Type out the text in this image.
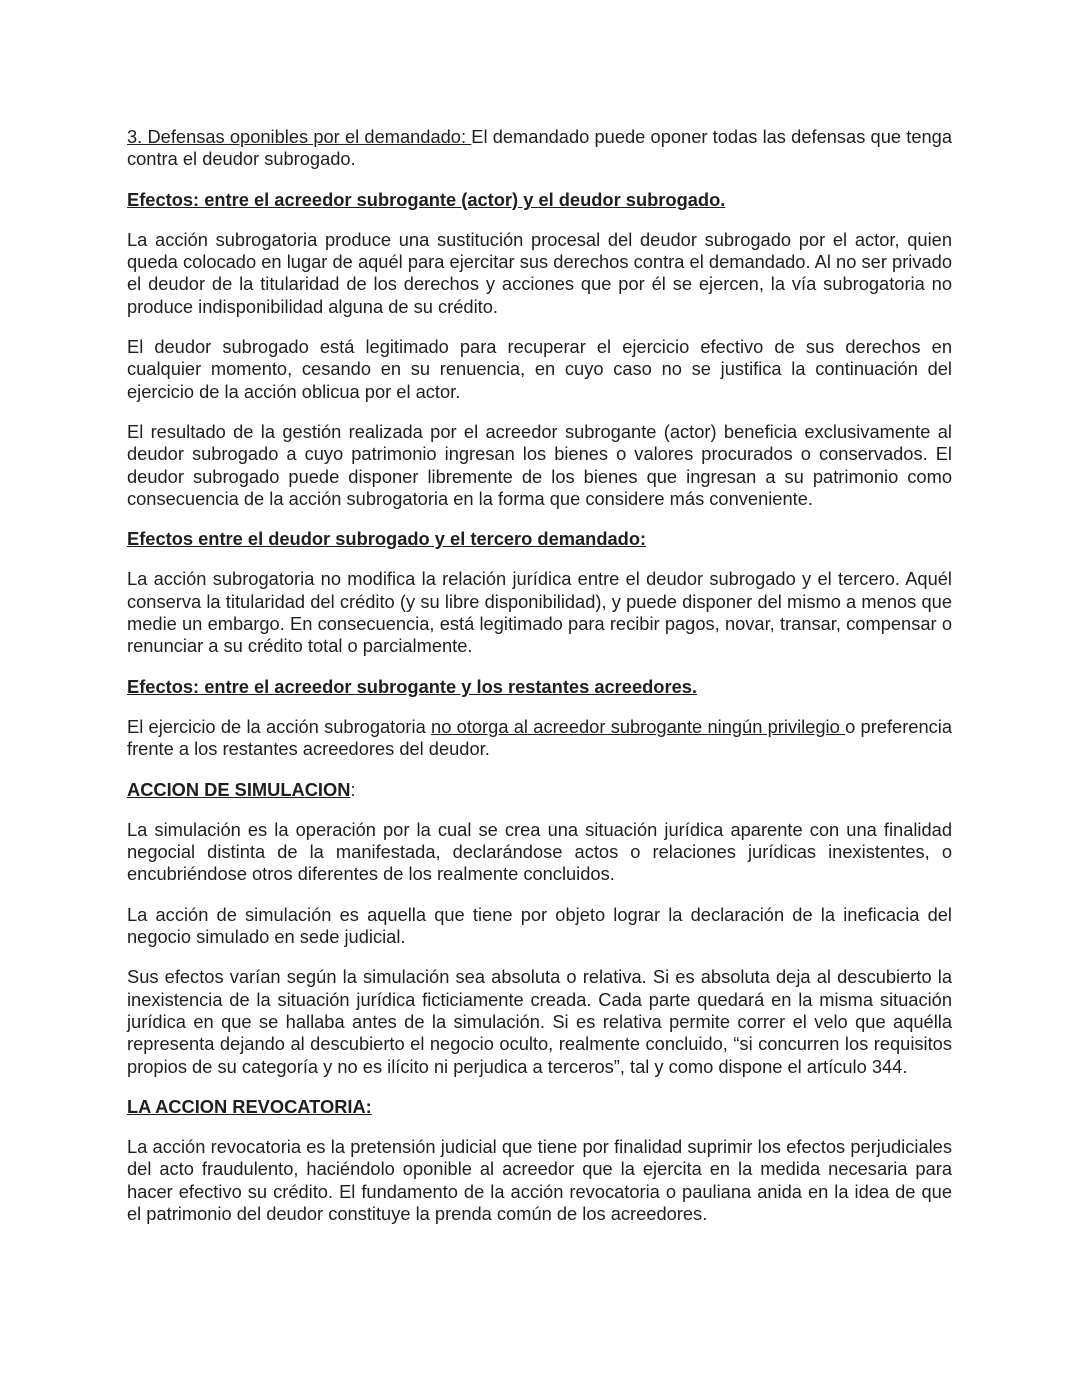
3. Defensas oponibles por el demandado: El demandado puede oponer todas las defensas que tenga contra el deudor subrogado.

Efectos: entre el acreedor subrogante (actor) y el deudor subrogado.

La acción subrogatoria produce una sustitución procesal del deudor subrogado por el actor, quien queda colocado en lugar de aquél para ejercitar sus derechos contra el demandado. Al no ser privado el deudor de la titularidad de los derechos y acciones que por él se ejercen, la vía subrogatoria no produce indisponibilidad alguna de su crédito.

El deudor subrogado está legitimado para recuperar el ejercicio efectivo de sus derechos en cualquier momento, cesando en su renuencia, en cuyo caso no se justifica la continuación del ejercicio de la acción oblicua por el actor.

El resultado de la gestión realizada por el acreedor subrogante (actor) beneficia exclusivamente al deudor subrogado a cuyo patrimonio ingresan los bienes o valores procurados o conservados. El deudor subrogado puede disponer libremente de los bienes que ingresan a su patrimonio como consecuencia de la acción subrogatoria en la forma que considere más conveniente.

Efectos entre el deudor subrogado y el tercero demandado:

La acción subrogatoria no modifica la relación jurídica entre el deudor subrogado y el tercero. Aquél conserva la titularidad del crédito (y su libre disponibilidad), y puede disponer del mismo a menos que medie un embargo. En consecuencia, está legitimado para recibir pagos, novar, transar, compensar o renunciar a su crédito total o parcialmente.

Efectos: entre el acreedor subrogante y los restantes acreedores.

El ejercicio de la acción subrogatoria no otorga al acreedor subrogante ningún privilegio o preferencia frente a los restantes acreedores del deudor.

ACCION DE SIMULACION:

La simulación es la operación por la cual se crea una situación jurídica aparente con una finalidad negocial distinta de la manifestada, declarándose actos o relaciones jurídicas inexistentes, o encubriéndose otros diferentes de los realmente concluidos.

La acción de simulación es aquella que tiene por objeto lograr la declaración de la ineficacia del negocio simulado en sede judicial.

Sus efectos varían según la simulación sea absoluta o relativa. Si es absoluta deja al descubierto la inexistencia de la situación jurídica ficticiamente creada. Cada parte quedará en la misma situación jurídica en que se hallaba antes de la simulación. Si es relativa permite correr el velo que aquélla representa dejando al descubierto el negocio oculto, realmente concluido, “si concurren los requisitos propios de su categoría y no es ilícito ni perjudica a terceros”, tal y como dispone el artículo 344.

LA ACCION REVOCATORIA:

La acción revocatoria es la pretensión judicial que tiene por finalidad suprimir los efectos perjudiciales del acto fraudulento, haciéndolo oponible al acreedor que la ejercita en la medida necesaria para hacer efectivo su crédito. El fundamento de la acción revocatoria o pauliana anida en la idea de que el patrimonio del deudor constituye la prenda común de los acreedores.
